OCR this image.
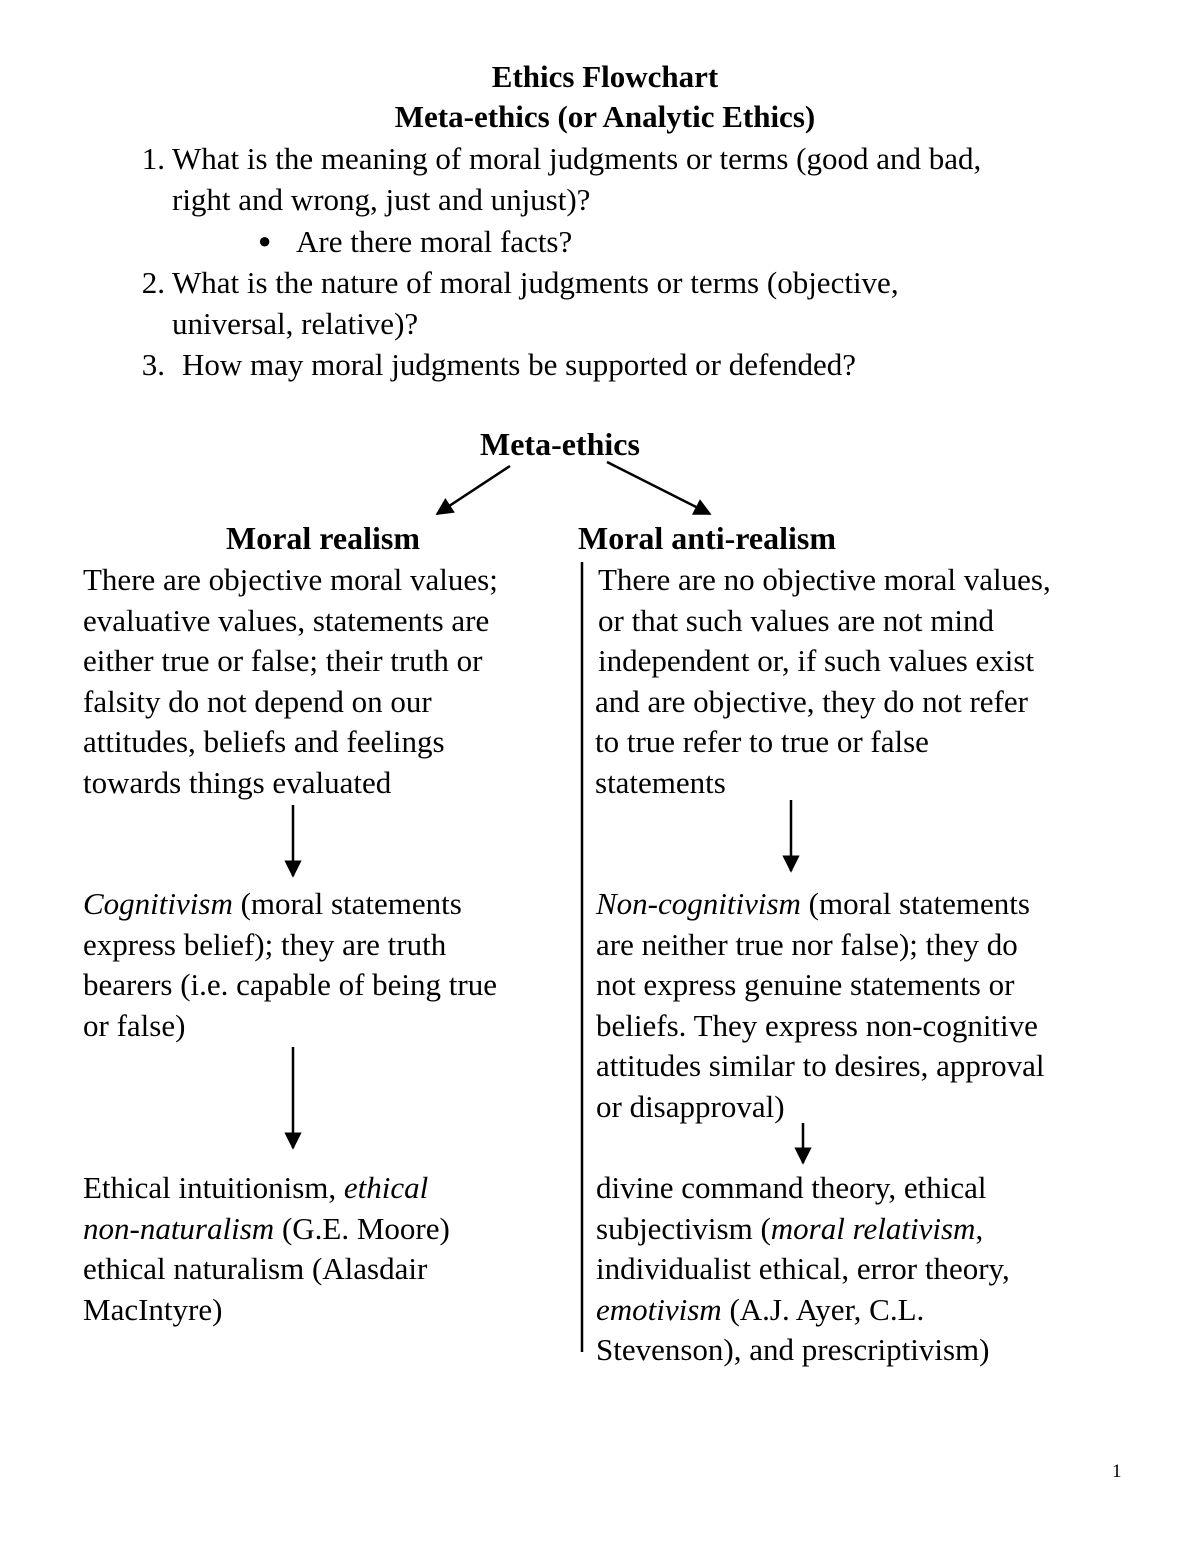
Ethics Flowchart
Meta-ethics (or Analytic Ethics)
1. What is the meaning of moral judgments or terms (good and bad,
right and wrong, just and unjust)?
● Are there moral facts?
2. What is the nature of moral judgments or terms (objective,
universal, relative)?
3. How may moral judgments be supported or defended?
Meta-ethics
Moral realism	Moral anti-realism
There are objective moral values;
evaluative values, statements are
either true or false; their truth or
falsity do not depend on our
attitudes, beliefs and feelings
towards things evaluated
There are no objective moral values,
or that such values are not mind
independent or, if such values exist
and are objective, they do not refer
to true refer to true or false
statements
Cognitivism (moral statements
express belief); they are truth
bearers (i.e. capable of being true
or false)
Non-cognitivism (moral statements
are neither true nor false); they do
not express genuine statements or
beliefs. They express non-cognitive
attitudes similar to desires, approval
or disapproval)
Ethical intuitionism, ethical
non-naturalism (G.E. Moore)
ethical naturalism (Alasdair
MacIntyre)
divine command theory, ethical
subjectivism (moral relativism,
individualist ethical, error theory,
emotivism (A.J. Ayer, C.L.
Stevenson), and prescriptivism)
1
